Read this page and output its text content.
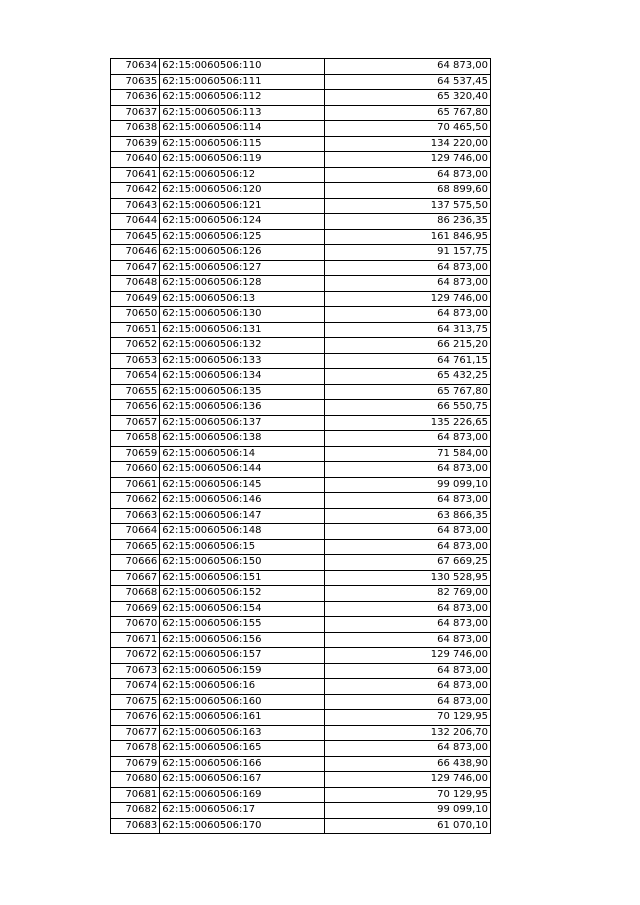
70634	62:15:0060506:110	64 873,00
70635	62:15:0060506:111	64 537,45
70636	62:15:0060506:112	65 320,40
70637	62:15:0060506:113	65 767,80
70638	62:15:0060506:114	70 465,50
70639	62:15:0060506:115	134 220,00
70640	62:15:0060506:119	129 746,00
70641	62:15:0060506:12	64 873,00
70642	62:15:0060506:120	68 899,60
70643	62:15:0060506:121	137 575,50
70644	62:15:0060506:124	86 236,35
70645	62:15:0060506:125	161 846,95
70646	62:15:0060506:126	91 157,75
70647	62:15:0060506:127	64 873,00
70648	62:15:0060506:128	64 873,00
70649	62:15:0060506:13	129 746,00
70650	62:15:0060506:130	64 873,00
70651	62:15:0060506:131	64 313,75
70652	62:15:0060506:132	66 215,20
70653	62:15:0060506:133	64 761,15
70654	62:15:0060506:134	65 432,25
70655	62:15:0060506:135	65 767,80
70656	62:15:0060506:136	66 550,75
70657	62:15:0060506:137	135 226,65
70658	62:15:0060506:138	64 873,00
70659	62:15:0060506:14	71 584,00
70660	62:15:0060506:144	64 873,00
70661	62:15:0060506:145	99 099,10
70662	62:15:0060506:146	64 873,00
70663	62:15:0060506:147	63 866,35
70664	62:15:0060506:148	64 873,00
70665	62:15:0060506:15	64 873,00
70666	62:15:0060506:150	67 669,25
70667	62:15:0060506:151	130 528,95
70668	62:15:0060506:152	82 769,00
70669	62:15:0060506:154	64 873,00
70670	62:15:0060506:155	64 873,00
70671	62:15:0060506:156	64 873,00
70672	62:15:0060506:157	129 746,00
70673	62:15:0060506:159	64 873,00
70674	62:15:0060506:16	64 873,00
70675	62:15:0060506:160	64 873,00
70676	62:15:0060506:161	70 129,95
70677	62:15:0060506:163	132 206,70
70678	62:15:0060506:165	64 873,00
70679	62:15:0060506:166	66 438,90
70680	62:15:0060506:167	129 746,00
70681	62:15:0060506:169	70 129,95
70682	62:15:0060506:17	99 099,10
70683	62:15:0060506:170	61 070,10
